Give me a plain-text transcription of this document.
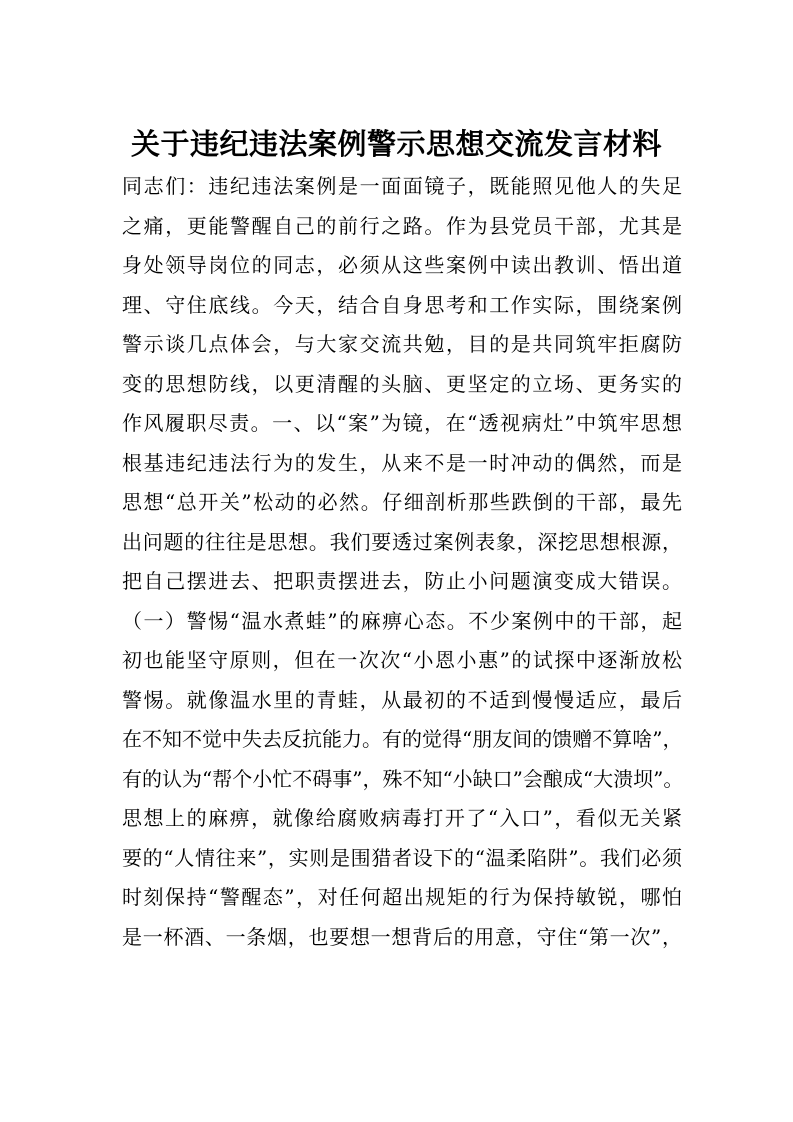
关于违纪违法案例警示思想交流发言材料
同志们：违纪违法案例是一面面镜子，既能照见他人的失足
之痛，更能警醒自己的前行之路。作为县党员干部，尤其是
身处领导岗位的同志，必须从这些案例中读出教训、悟出道
理、守住底线。今天，结合自身思考和工作实际，围绕案例
警示谈几点体会，与大家交流共勉，目的是共同筑牢拒腐防
变的思想防线，以更清醒的头脑、更坚定的立场、更务实的
作风履职尽责。一、以“案”为镜，在“透视病灶”中筑牢思想
根基违纪违法行为的发生，从来不是一时冲动的偶然，而是
思想“总开关”松动的必然。仔细剖析那些跌倒的干部，最先
出问题的往往是思想。我们要透过案例表象，深挖思想根源，
把自己摆进去、把职责摆进去，防止小问题演变成大错误。
（一）警惕“温水煮蛙”的麻痹心态。不少案例中的干部，起
初也能坚守原则，但在一次次“小恩小惠”的试探中逐渐放松
警惕。就像温水里的青蛙，从最初的不适到慢慢适应，最后
在不知不觉中失去反抗能力。有的觉得“朋友间的馈赠不算啥”，
有的认为“帮个小忙不碍事”，殊不知“小缺口”会酿成“大溃坝”。
思想上的麻痹，就像给腐败病毒打开了“入口”，看似无关紧
要的“人情往来”，实则是围猎者设下的“温柔陷阱”。我们必须
时刻保持“警醒态”，对任何超出规矩的行为保持敏锐，哪怕
是一杯酒、一条烟，也要想一想背后的用意，守住“第一次”，
